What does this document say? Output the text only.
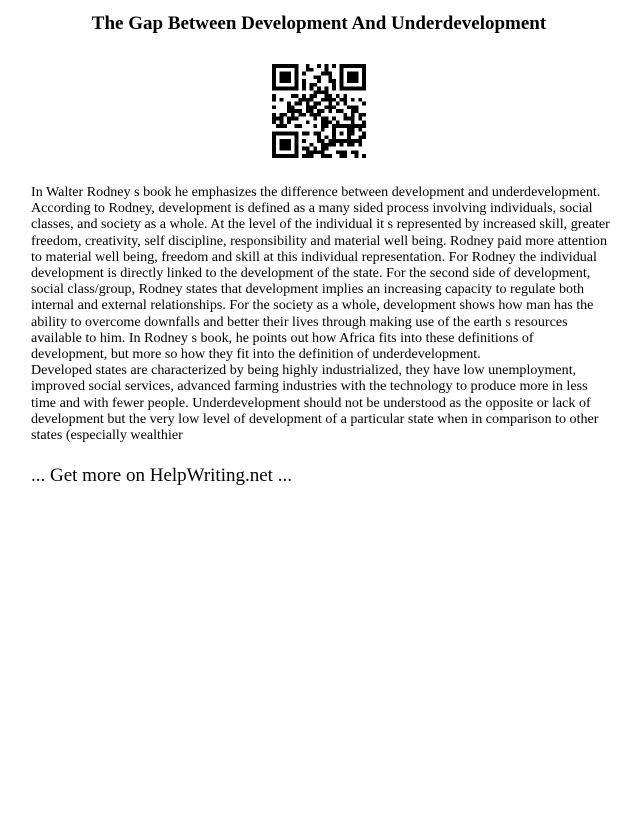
The Gap Between Development And Underdevelopment

In Walter Rodney s book he emphasizes the difference between development and underdevelopment. According to Rodney, development is defined as a many sided process involving individuals, social classes, and society as a whole. At the level of the individual it s represented by increased skill, greater freedom, creativity, self discipline, responsibility and material well being. Rodney paid more attention to material well being, freedom and skill at this individual representation. For Rodney the individual development is directly linked to the development of the state. For the second side of development, social class/group, Rodney states that development implies an increasing capacity to regulate both internal and external relationships. For the society as a whole, development shows how man has the ability to overcome downfalls and better their lives through making use of the earth s resources available to him. In Rodney s book, he points out how Africa fits into these definitions of development, but more so how they fit into the definition of underdevelopment.

Developed states are characterized by being highly industrialized, they have low unemployment, improved social services, advanced farming industries with the technology to produce more in less time and with fewer people. Underdevelopment should not be understood as the opposite or lack of development but the very low level of development of a particular state when in comparison to other states (especially wealthier

... Get more on HelpWriting.net ...
